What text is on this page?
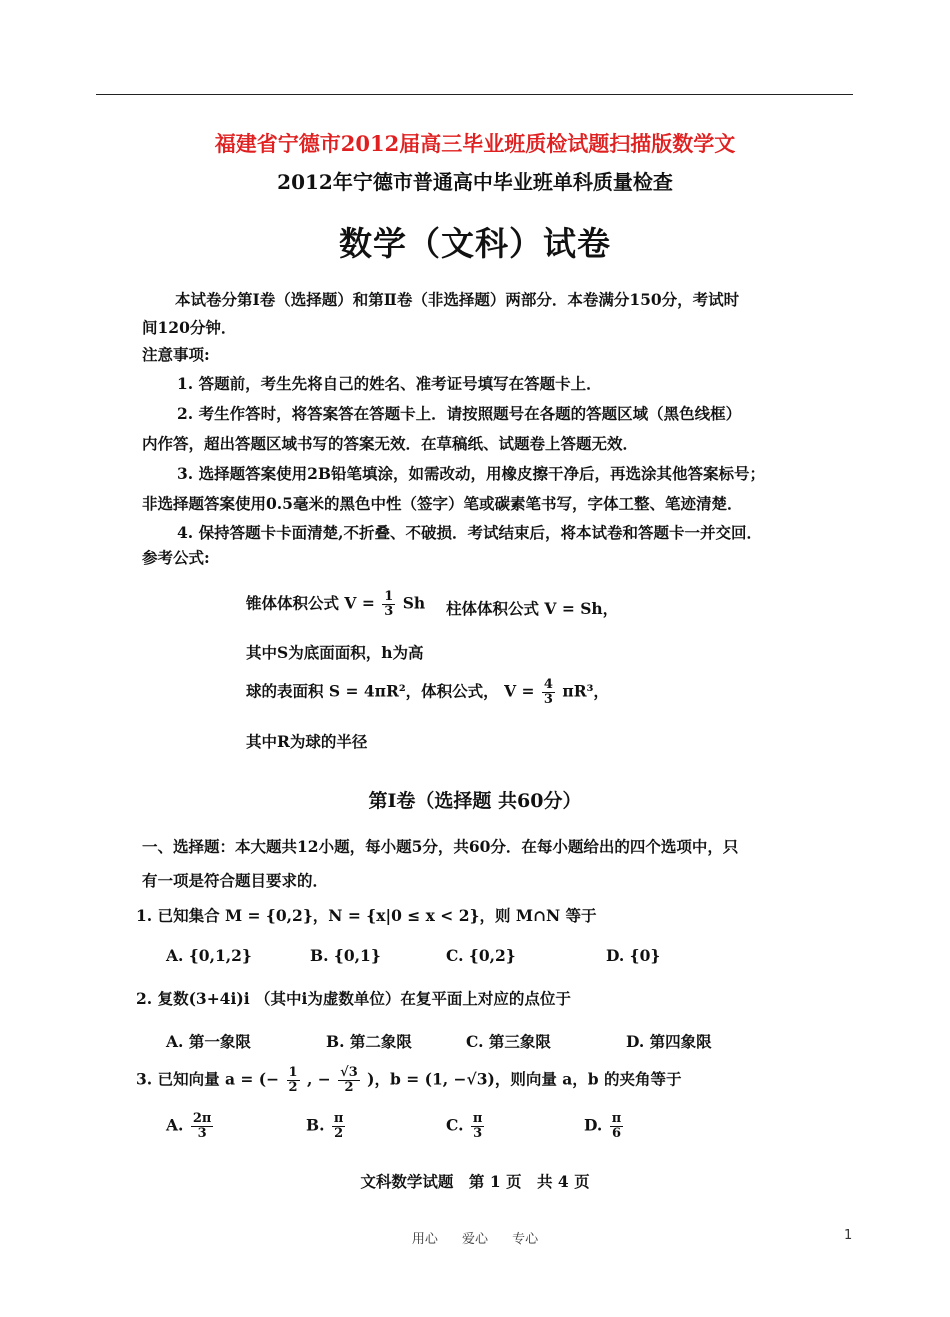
福建省宁德市2012届高三毕业班质检试题扫描版数学文
2012年宁德市普通高中毕业班单科质量检查
数学（文科）试卷
本试卷分第Ⅰ卷（选择题）和第Ⅱ卷（非选择题）两部分．本卷满分150分，考试时
间120分钟．
注意事项:
1. 答题前，考生先将自己的姓名、准考证号填写在答题卡上．
2. 考生作答时，将答案答在答题卡上．请按照题号在各题的答题区域（黑色线框）
内作答，超出答题区域书写的答案无效．在草稿纸、试题卷上答题无效．
3. 选择题答案使用2B铅笔填涂，如需改动，用橡皮擦干净后，再选涂其他答案标号；
非选择题答案使用0.5毫米的黑色中性（签字）笔或碳素笔书写，字体工整、笔迹清楚．
4. 保持答题卡卡面清楚,不折叠、不破损．考试结束后，将本试卷和答题卡一并交回．
参考公式:
锥体体积公式 $V = \frac{1}{3}$ Sh 柱体体积公式 V = Sh，
其中S为底面面积，h为高
球的表面积 S = 4πR²，体积公式， $V = \frac{4}{3} \pi R^3$，
其中R为球的半径
第Ⅰ卷（选择题 共60分）
一、选择题：本大题共12小题，每小题5分，共60分．在每小题给出的四个选项中，只
有一项是符合题目要求的．
1. 已知集合 M = {0,2}，N = {x|0 ≤ x < 2}，则 M∩N 等于
A. {0,1,2}	B. {0,1}	C. {0,2}	D. {0}
2. 复数(3+4i)i （其中i为虚数单位）在复平面上对应的点位于
A. 第一象限	B. 第二象限	C. 第三象限	D. 第四象限
3. 已知向量 a = (− $\frac{1}{2}$ , − $\frac{√3}{2}$ )，b = (1, −√3)，则向量 a，b 的夹角等于
A. $\frac{2\pi}{3}$	B. $\frac{\pi}{2}$	C. $\frac{\pi}{3}$	D. $\frac{\pi}{6}$
文科数学试题　第 1 页　共 4 页
用心 爱心 专心	1
